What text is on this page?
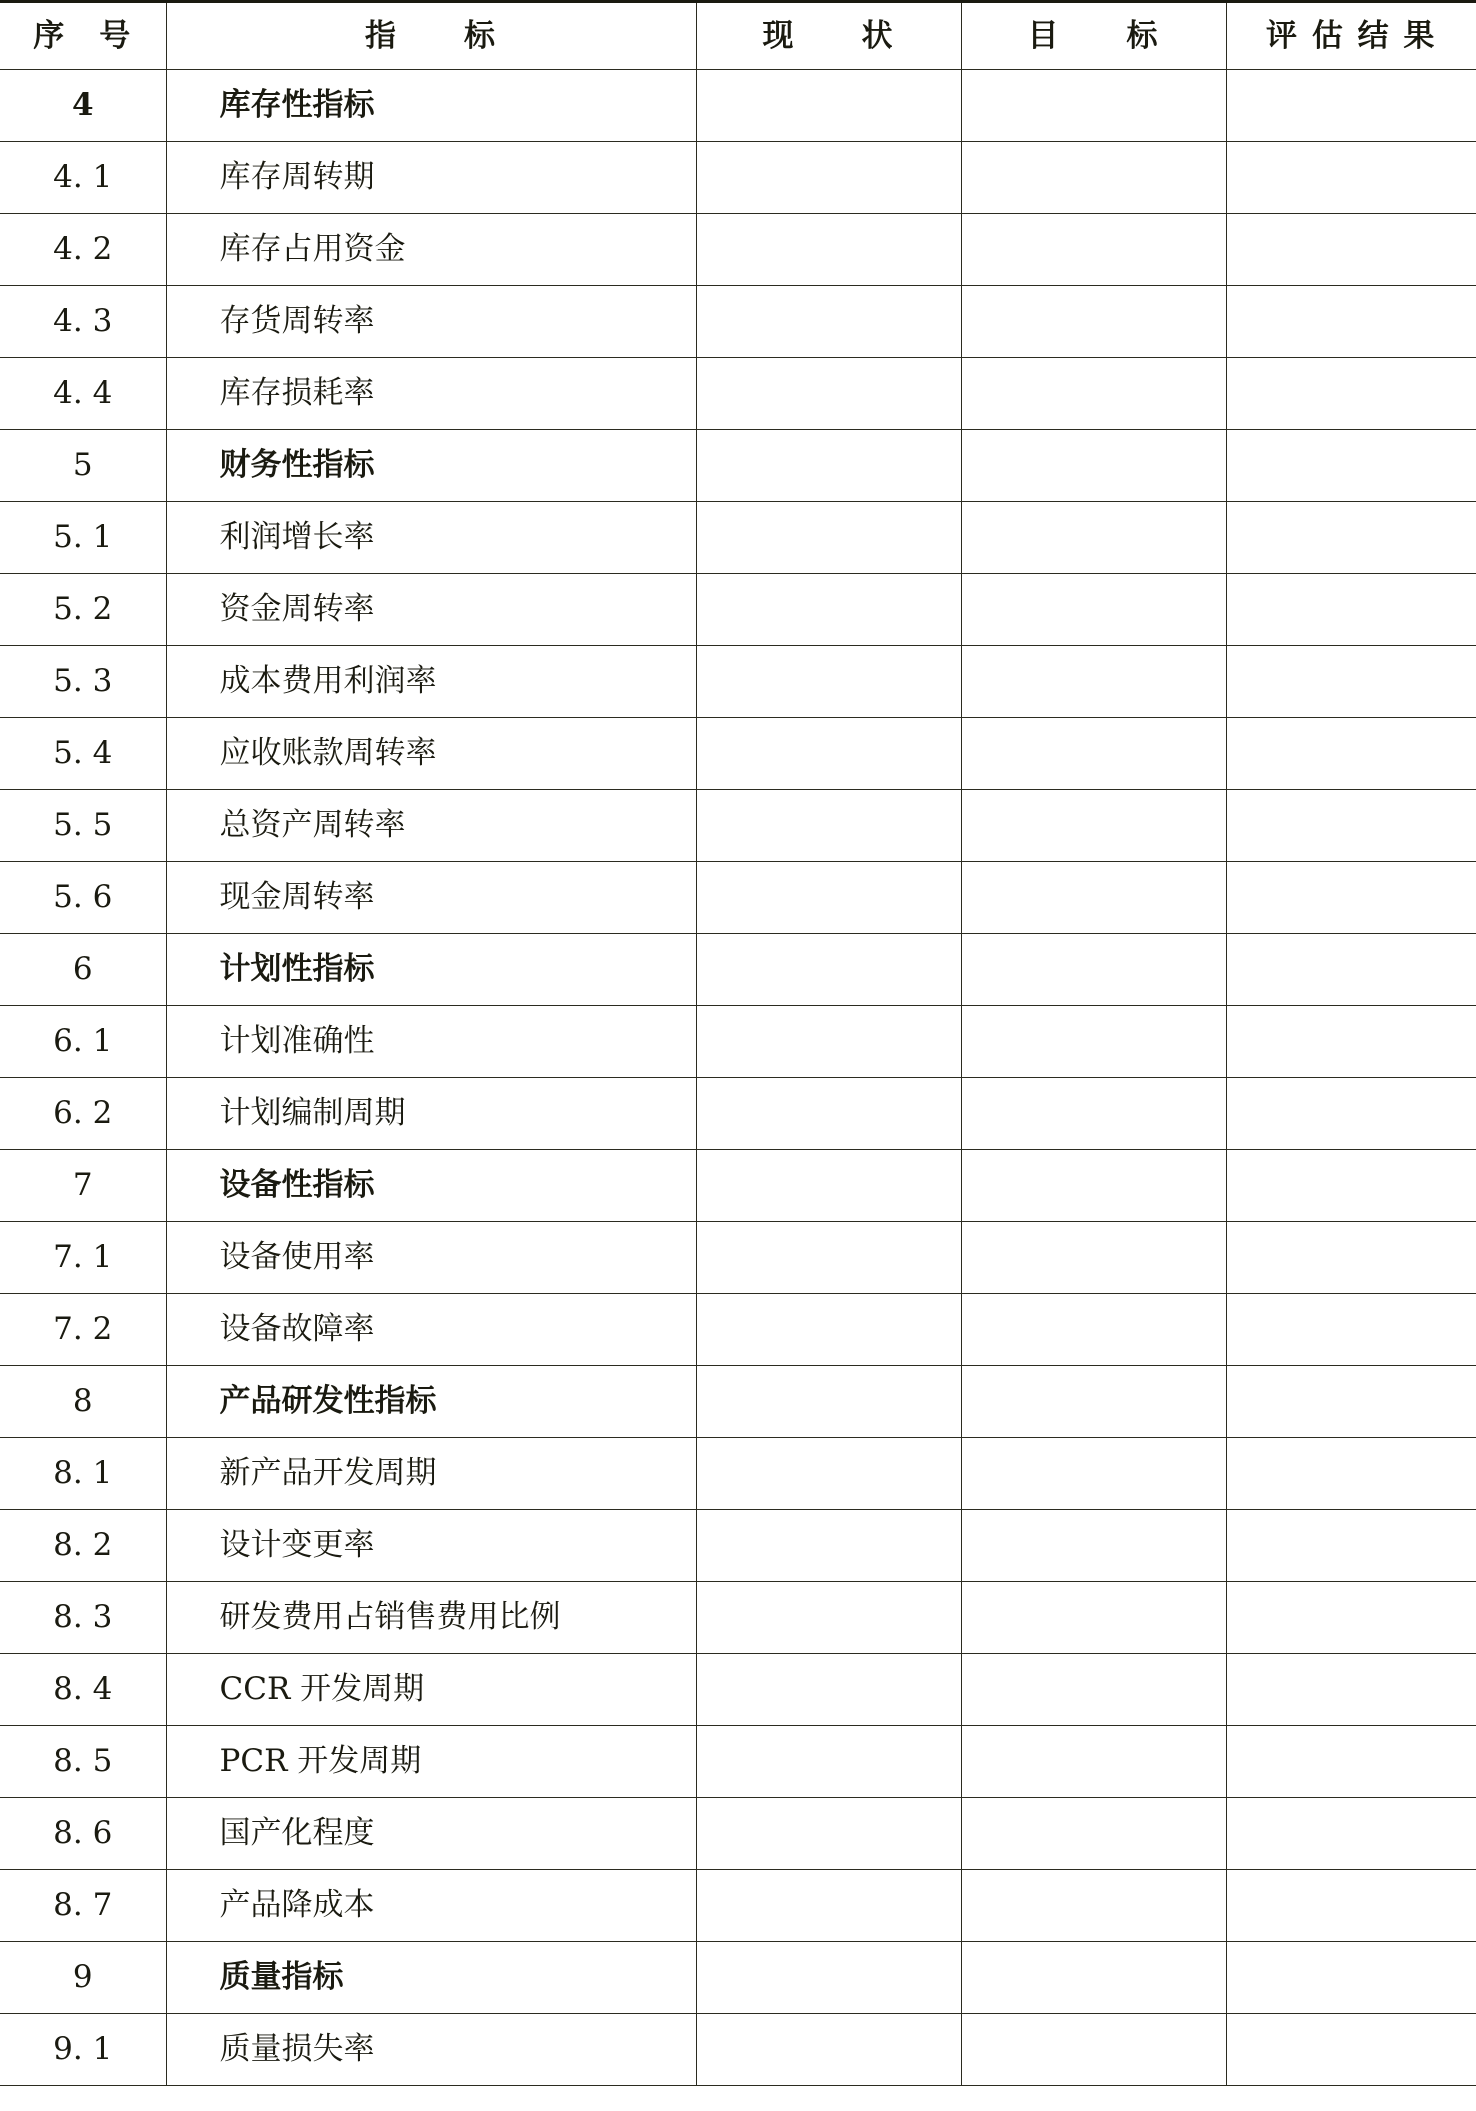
序　号	指　　标	现　　状	目　　标	评 估 结 果
4	库存性指标			
4. 1	库存周转期			
4. 2	库存占用资金			
4. 3	存货周转率			
4. 4	库存损耗率			
5	财务性指标			
5. 1	利润增长率			
5. 2	资金周转率			
5. 3	成本费用利润率			
5. 4	应收账款周转率			
5. 5	总资产周转率			
5. 6	现金周转率			
6	计划性指标			
6. 1	计划准确性			
6. 2	计划编制周期			
7	设备性指标			
7. 1	设备使用率			
7. 2	设备故障率			
8	产品研发性指标			
8. 1	新产品开发周期			
8. 2	设计变更率			
8. 3	研发费用占销售费用比例			
8. 4	CCR 开发周期			
8. 5	PCR 开发周期			
8. 6	国产化程度			
8. 7	产品降成本			
9	质量指标			
9. 1	质量损失率			
